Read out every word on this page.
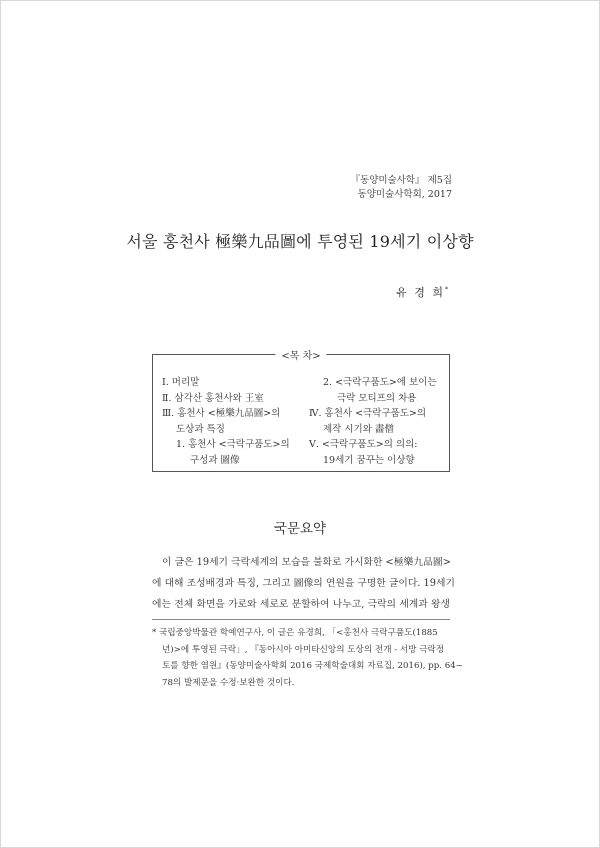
『동양미술사학』 제5집
동양미술사학회, 2017
서울 홍천사 極樂九品圖에 투영된 19세기 이상향
유 경 희*
<목 차>
Ⅰ. 머리말
Ⅱ. 삼각산 홍천사와 王室
Ⅲ. 홍천사 <極樂九品圖>의
도상과 특징
1. 홍천사 <극락구품도>의
구성과 圖像
2. <극락구품도>에 보이는
극락 모티프의 차용
Ⅳ. 홍천사 <극락구품도>의
제작 시기와 畵僧
Ⅴ. <극락구품도>의 의의:
19세기 꿈꾸는 이상향
국문요약
이 글은 19세기 극락세계의 모습을 불화로 가시화한 <極樂九品圖>
에 대해 조성배경과 특징, 그리고 圖像의 연원을 구명한 글이다. 19세기
에는 전체 화면을 가로와 세로로 분할하여 나누고, 극락의 세계과 왕생
* 국립중앙박물관 학예연구사, 이 글은 유경희, 「<홍천사 극락구품도(1885
년)>에 투영된 극락」, 『동아시아 아미타신앙의 도상의 전개 - 서방 극락정
토를 향한 염원』(동양미술사학회 2016 국제학술대회 자료집, 2016), pp. 64~
78의 발제문을 수정·보완한 것이다.
